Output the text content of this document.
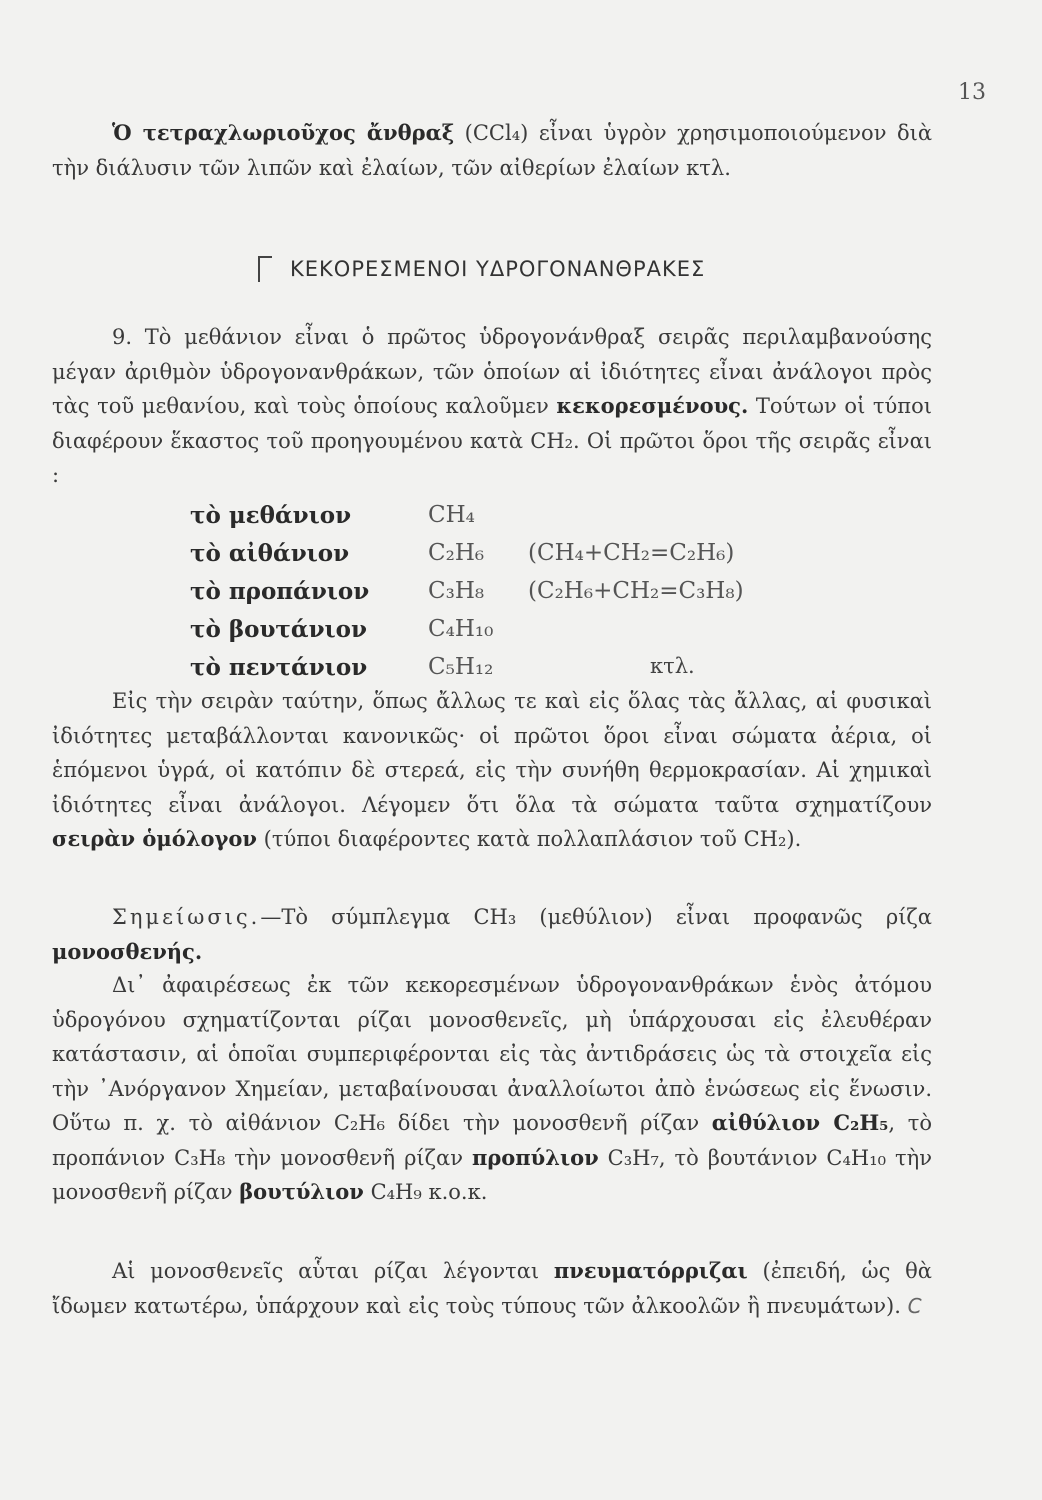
13
Ὁ τετραχλωριοῦχος ἄνθραξ (CCl₄) εἶναι ὑγρὸν χρησιμοποιούμενον διὰ τὴν διάλυσιν τῶν λιπῶν καὶ ἐλαίων, τῶν αἰθερίων ἐλαίων κτλ.
ΚΕΚΟΡΕΣΜΕΝΟΙ ΥΔΡΟΓΟΝΑΝΘΡΑΚΕΣ
9. Τὸ μεθάνιον εἶναι ὁ πρῶτος ὑδρογονάνθραξ σειρᾶς περιλαμβανούσης μέγαν ἀριθμὸν ὑδρογονανθράκων, τῶν ὁποίων αἱ ἰδιότητες εἶναι ἀνάλογοι πρὸς τὰς τοῦ μεθανίου, καὶ τοὺς ὁποίους καλοῦμεν κεκορεσμένους. Τούτων οἱ τύποι διαφέρουν ἕκαστος τοῦ προηγουμένου κατὰ CH₂. Οἱ πρῶτοι ὅροι τῆς σειρᾶς εἶναι :
τὸ μεθάνιον	CH₄
τὸ αἰθάνιον	C₂H₆ (CH₄+CH₂=C₂H₆)
τὸ προπάνιον	C₃H₈ (C₂H₆+CH₂=C₃H₈)
τὸ βουτάνιον	C₄H₁₀
τὸ πεντάνιον	C₅H₁₂	κτλ.
Εἰς τὴν σειρὰν ταύτην, ὅπως ἄλλως τε καὶ εἰς ὅλας τὰς ἄλλας, αἱ φυσικαὶ ἰδιότητες μεταβάλλονται κανονικῶς· οἱ πρῶτοι ὅροι εἶναι σώματα ἀέρια, οἱ ἑπόμενοι ὑγρά, οἱ κατόπιν δὲ στερεά, εἰς τὴν συνήθη θερμοκρασίαν. Αἱ χημικαὶ ἰδιότητες εἶναι ἀνάλογοι. Λέγομεν ὅτι ὅλα τὰ σώματα ταῦτα σχηματίζουν σειρὰν ὁμόλογον (τύποι διαφέροντες κατὰ πολλαπλάσιον τοῦ CH₂).
Σημείωσις.—Τὸ σύμπλεγμα CH₃ (μεθύλιον) εἶναι προφανῶς ρίζα μονοσθενής.
Δι᾽ ἀφαιρέσεως ἐκ τῶν κεκορεσμένων ὑδρογονανθράκων ἑνὸς ἀτόμου ὑδρογόνου σχηματίζονται ρίζαι μονοσθενεῖς, μὴ ὑπάρχουσαι εἰς ἐλευθέραν κατάστασιν, αἱ ὁποῖαι συμπεριφέρονται εἰς τὰς ἀντιδράσεις ὡς τὰ στοιχεῖα εἰς τὴν ᾽Ανόργανον Χημείαν, μεταβαίνουσαι ἀναλλοίωτοι ἀπὸ ἑνώσεως εἰς ἕνωσιν. Οὕτω π. χ. τὸ αἰθάνιον C₂H₆ δίδει τὴν μονοσθενῆ ρίζαν αἰθύλιον C₂H₅, τὸ προπάνιον C₃H₈ τὴν μονοσθενῆ ρίζαν προπύλιον C₃H₇, τὸ βουτάνιον C₄H₁₀ τὴν μονοσθενῆ ρίζαν βουτύλιον C₄H₉ κ.ο.κ.
Αἱ μονοσθενεῖς αὗται ρίζαι λέγονται πνευματόρριζαι (ἐπειδή, ὡς θὰ ἴδωμεν κατωτέρω, ὑπάρχουν καὶ εἰς τοὺς τύπους τῶν ἀλκοολῶν ἢ πνευμάτων). C
